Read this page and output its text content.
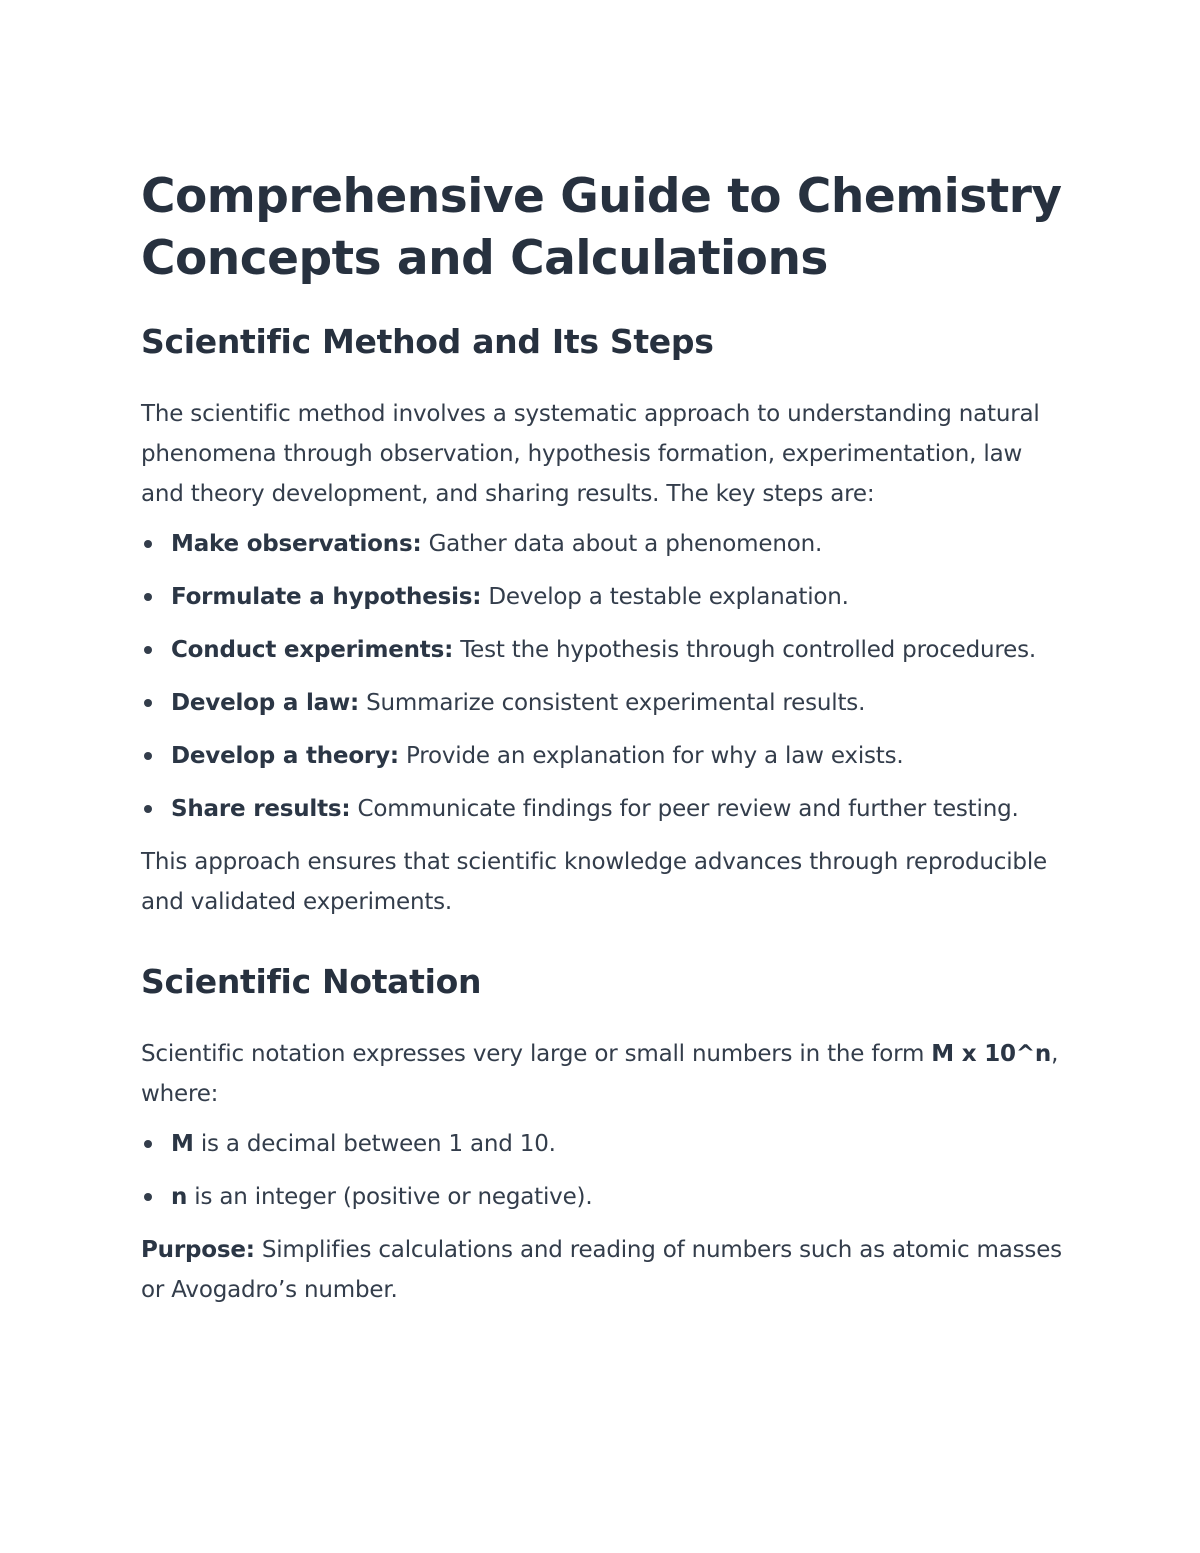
Comprehensive Guide to Chemistry Concepts and Calculations
Scientific Method and Its Steps

The scientific method involves a systematic approach to understanding natural phenomena through observation, hypothesis formation, experimentation, law and theory development, and sharing results. The key steps are:

Make observations: Gather data about a phenomenon.
Formulate a hypothesis: Develop a testable explanation.
Conduct experiments: Test the hypothesis through controlled procedures.
Develop a law: Summarize consistent experimental results.
Develop a theory: Provide an explanation for why a law exists.
Share results: Communicate findings for peer review and further testing.

This approach ensures that scientific knowledge advances through reproducible and validated experiments.

Scientific Notation

Scientific notation expresses very large or small numbers in the form M x 10^n, where:

M is a decimal between 1 and 10.
n is an integer (positive or negative).

Purpose: Simplifies calculations and reading of numbers such as atomic masses or Avogadro’s number.
